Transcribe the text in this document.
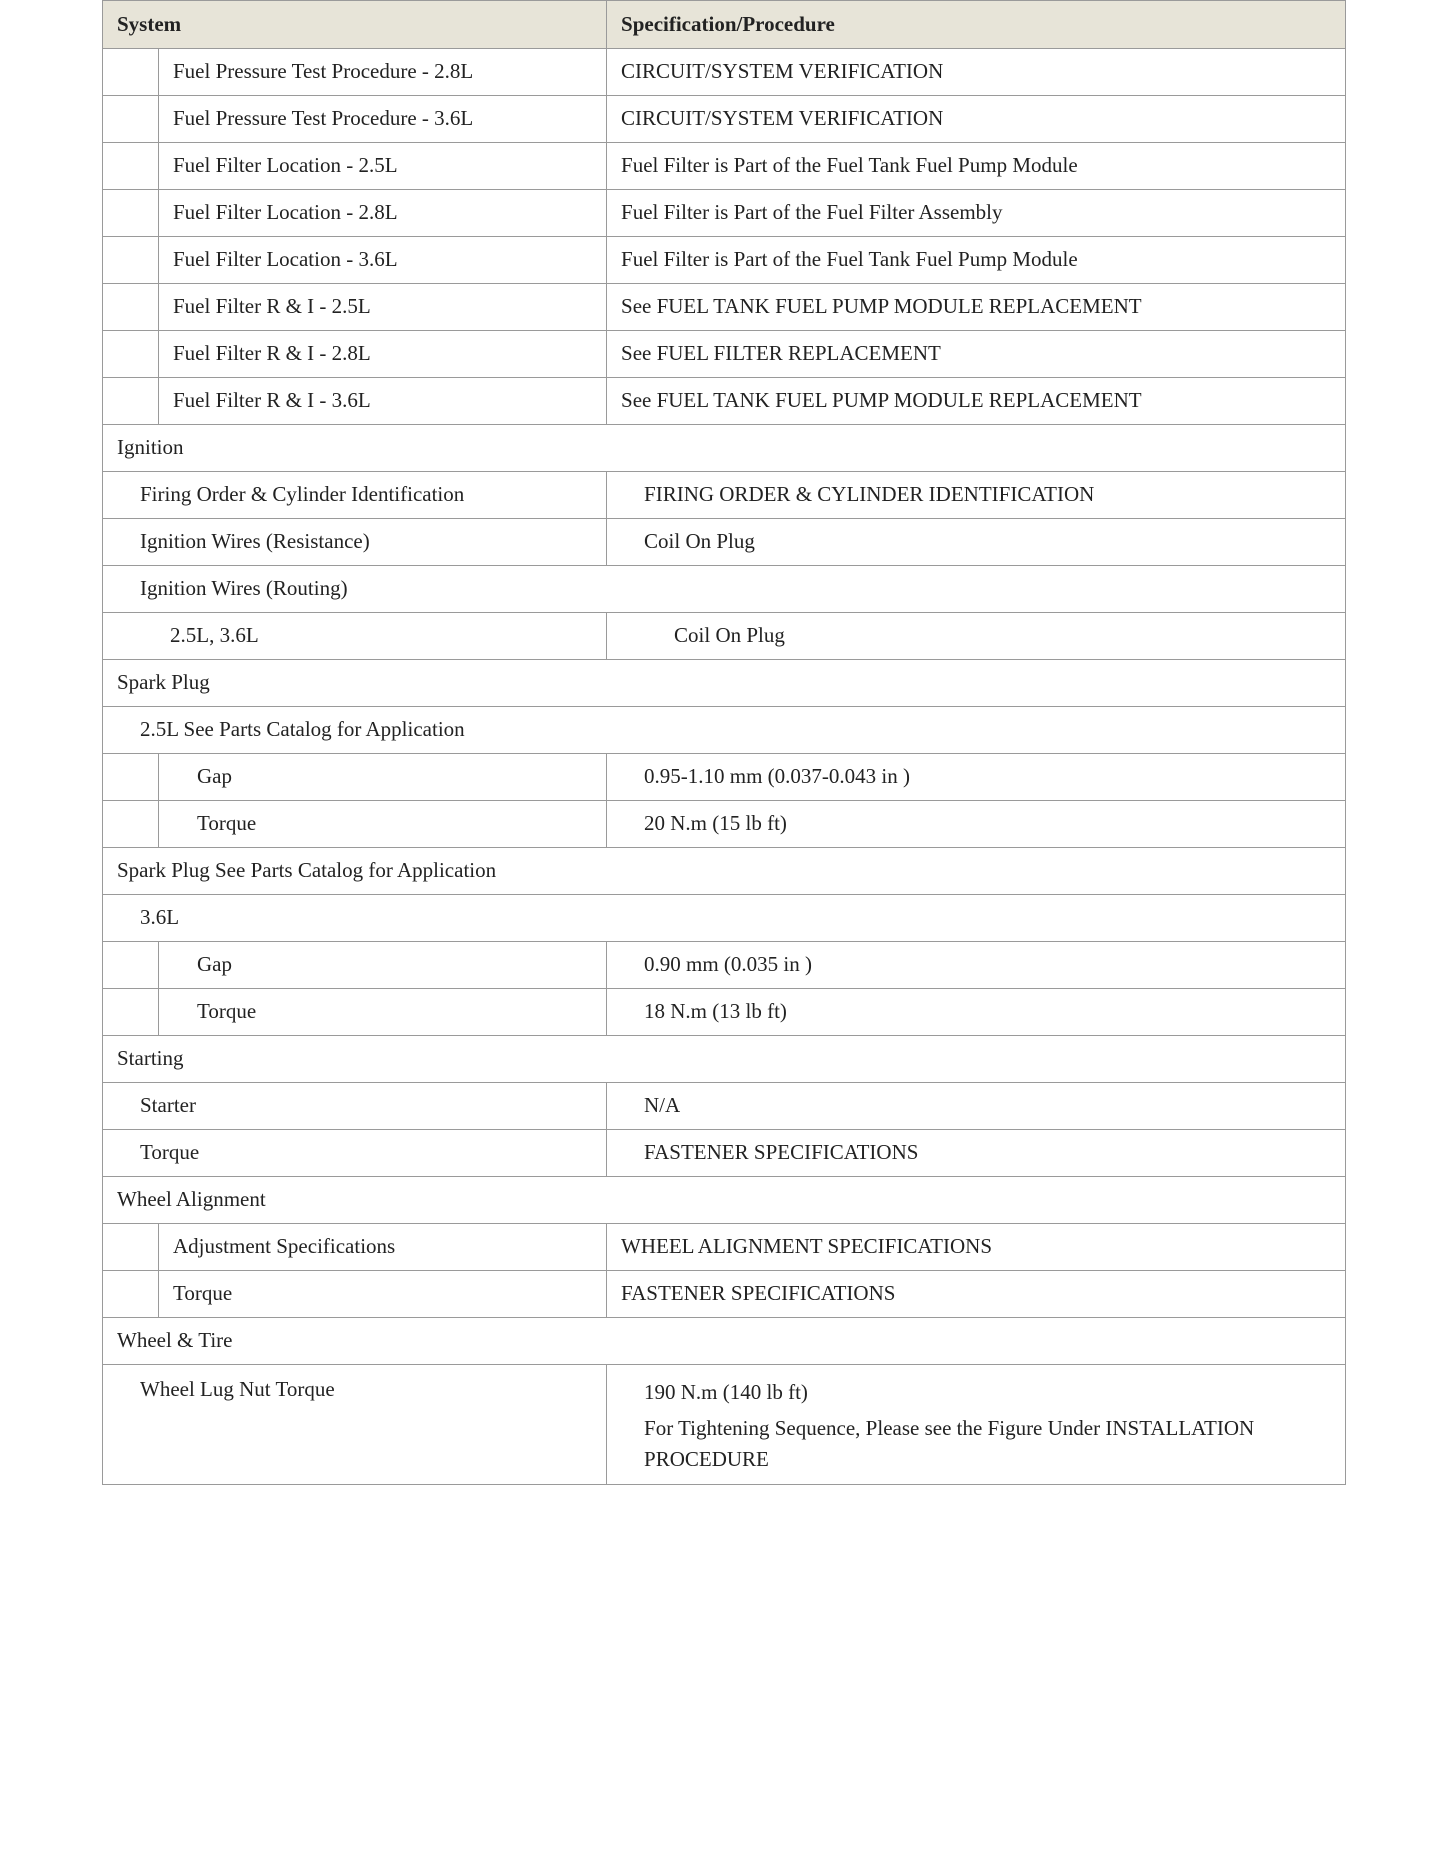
System		Specification/Procedure
	Fuel Pressure Test Procedure - 2.8L	CIRCUIT/SYSTEM VERIFICATION
	Fuel Pressure Test Procedure - 3.6L	CIRCUIT/SYSTEM VERIFICATION
	Fuel Filter Location - 2.5L	Fuel Filter is Part of the Fuel Tank Fuel Pump Module
	Fuel Filter Location - 2.8L	Fuel Filter is Part of the Fuel Filter Assembly
	Fuel Filter Location - 3.6L	Fuel Filter is Part of the Fuel Tank Fuel Pump Module
	Fuel Filter R & I - 2.5L	See FUEL TANK FUEL PUMP MODULE REPLACEMENT
	Fuel Filter R & I - 2.8L	See FUEL FILTER REPLACEMENT
	Fuel Filter R & I - 3.6L	See FUEL TANK FUEL PUMP MODULE REPLACEMENT
Ignition		
Firing Order & Cylinder Identification		FIRING ORDER & CYLINDER IDENTIFICATION
Ignition Wires (Resistance)		Coil On Plug
Ignition Wires (Routing)		
2.5L, 3.6L		Coil On Plug
Spark Plug		
2.5L See Parts Catalog for Application		
	Gap	0.95-1.10 mm (0.037-0.043 in )
	Torque	20 N.m (15 lb ft)
Spark Plug See Parts Catalog for Application		
3.6L		
	Gap	0.90 mm (0.035 in )
	Torque	18 N.m (13 lb ft)
Starting		
Starter		N/A
Torque		FASTENER SPECIFICATIONS
Wheel Alignment		
	Adjustment Specifications	WHEEL ALIGNMENT SPECIFICATIONS
	Torque	FASTENER SPECIFICATIONS
Wheel & Tire		
Wheel Lug Nut Torque		190 N.m (140 lb ft)
For Tightening Sequence, Please see the Figure Under INSTALLATION PROCEDURE
